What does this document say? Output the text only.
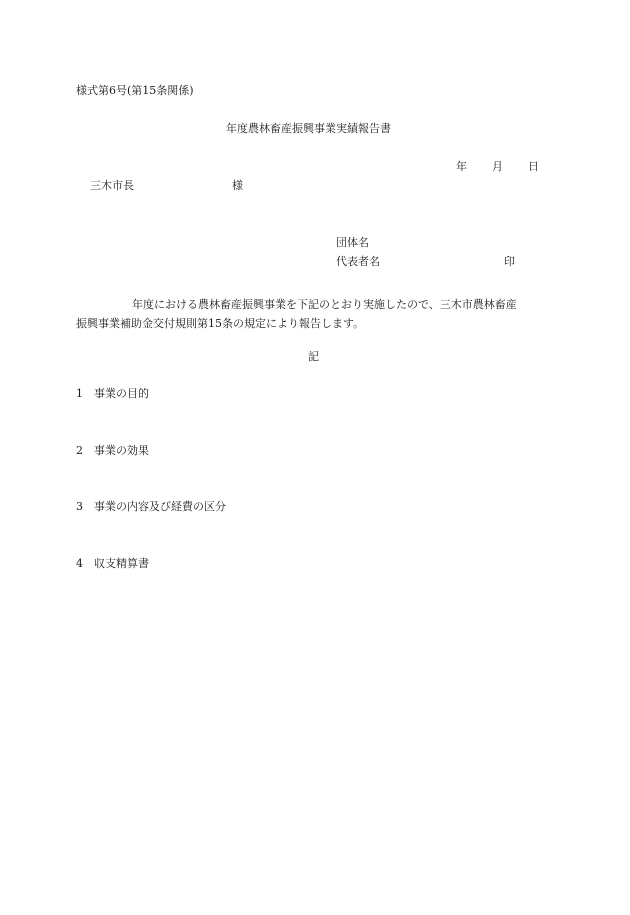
様式第6号(第15条関係)
年度農林畜産振興事業実績報告書
年 月 日
三木市長	様
団体名
代表者名	印
年度における農林畜産振興事業を下記のとおり実施したので、三木市農林畜産
振興事業補助金交付規則第15条の規定により報告します。
記
1 事業の目的
2 事業の効果
3 事業の内容及び経費の区分
4 収支精算書
